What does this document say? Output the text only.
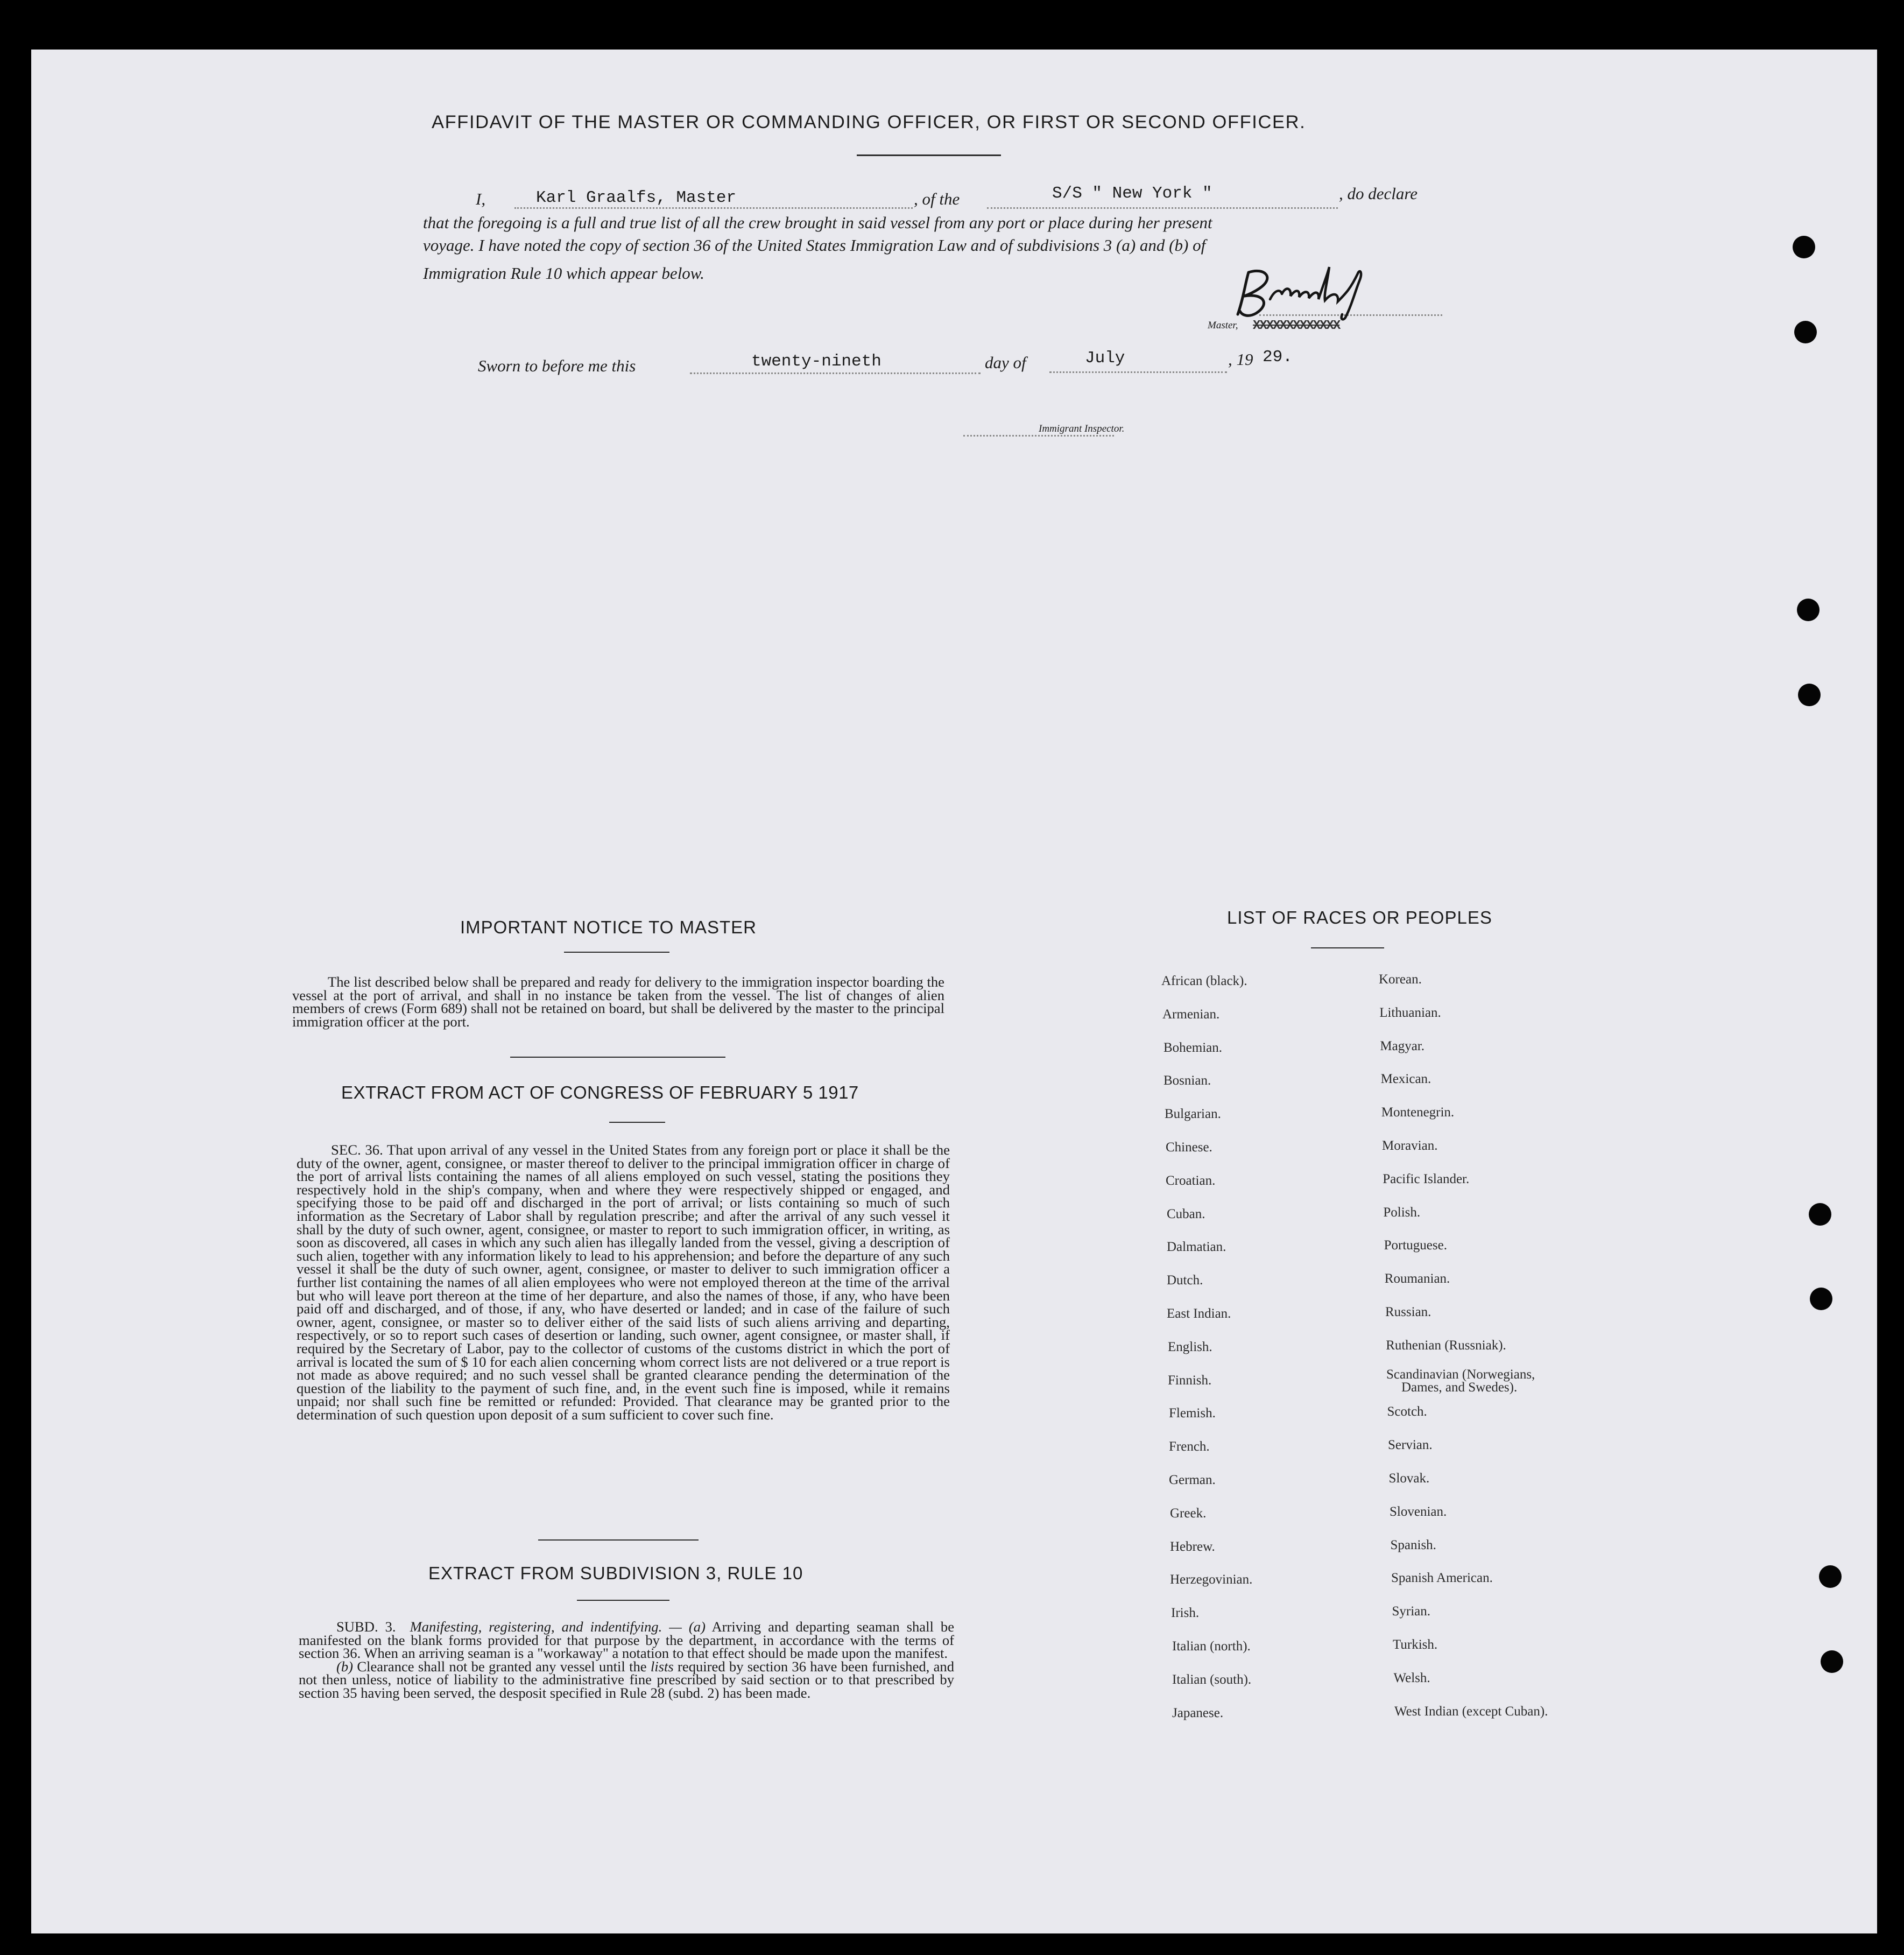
AFFIDAVIT OF THE MASTER OR COMMANDING OFFICER, OR FIRST OR SECOND OFFICER.
I,	Karl Graalfs, Master	, of the	S/S " New York "	, do declare
that the foregoing is a full and true list of all the crew brought in said vessel from any port or place during her present
voyage. I have noted the copy of section 36 of the United States Immigration Law and of subdivisions 3 (a) and (b) of
Immigration Rule 10 which appear below.
Master, XXXXXXXXXXXXX
Sworn to before me this	twenty-nineth	day of	July	, 19 29.
Immigrant Inspector.
IMPORTANT NOTICE TO MASTER

The list described below shall be prepared and ready for delivery to the immigration inspector boarding the vessel at the port of arrival, and shall in no instance be taken from the vessel. The list of changes of alien members of crews (Form 689) shall not be retained on board, but shall be delivered by the master to the principal immigration officer at the port.

EXTRACT FROM ACT OF CONGRESS OF FEBRUARY 5 1917

SEC. 36. That upon arrival of any vessel in the United States from any foreign port or place it shall be the duty of the owner, agent, consignee, or master thereof to deliver to the principal immigration officer in charge of the port of arrival lists containing the names of all aliens employed on such vessel, stating the positions they respectively hold in the ship's company, when and where they were respectively shipped or engaged, and specifying those to be paid off and discharged in the port of arrival; or lists containing so much of such information as the Secretary of Labor shall by regulation prescribe; and after the arrival of any such vessel it shall by the duty of such owner, agent, consignee, or master to report to such immigration officer, in writing, as soon as discovered, all cases in which any such alien has illegally landed from the vessel, giving a description of such alien, together with any information likely to lead to his apprehension; and before the departure of any such vessel it shall be the duty of such owner, agent, consignee, or master to deliver to such immigration officer a further list containing the names of all alien employees who were not employed thereon at the time of the arrival but who will leave port thereon at the time of her departure, and also the names of those, if any, who have been paid off and discharged, and of those, if any, who have deserted or landed; and in case of the failure of such owner, agent, consignee, or master so to deliver either of the said lists of such aliens arriving and departing, respectively, or so to report such cases of desertion or landing, such owner, agent consignee, or master shall, if required by the Secretary of Labor, pay to the collector of customs of the customs district in which the port of arrival is located the sum of $ 10 for each alien concerning whom correct lists are not delivered or a true report is not made as above required; and no such vessel shall be granted clearance pending the determination of the question of the liability to the payment of such fine, and, in the event such fine is imposed, while it remains unpaid; nor shall such fine be remitted or refunded: Provided. That clearance may be granted prior to the determination of such question upon deposit of a sum sufficient to cover such fine.

EXTRACT FROM SUBDIVISION 3, RULE 10

SUBD. 3. Manifesting, registering, and indentifying. — (a) Arriving and departing seaman shall be manifested on the blank forms provided for that purpose by the department, in accordance with the terms of section 36. When an arriving seaman is a "workaway" a notation to that effect should be made upon the manifest.

(b) Clearance shall not be granted any vessel until the lists required by section 36 have been furnished, and not then unless, notice of liability to the administrative fine prescribed by said section or to that prescribed by section 35 having been served, the desposit specified in Rule 28 (subd. 2) has been made.

LIST OF RACES OR PEOPLES
African (black).
Armenian.
Bohemian.
Bosnian.
Bulgarian.
Chinese.
Croatian.
Cuban.
Dalmatian.
Dutch.
East Indian.
English.
Finnish.
Flemish.
French.
German.
Greek.
Hebrew.
Herzegovinian.
Irish.
Italian (north).
Italian (south).
Japanese.
Korean.
Lithuanian.
Magyar.
Mexican.
Montenegrin.
Moravian.
Pacific Islander.
Polish.
Portuguese.
Roumanian.
Russian.
Ruthenian (Russniak).
Scandinavian (Norwegians,
Dames, and Swedes).
Scotch.
Servian.
Slovak.
Slovenian.
Spanish.
Spanish American.
Syrian.
Turkish.
Welsh.
West Indian (except Cuban).
